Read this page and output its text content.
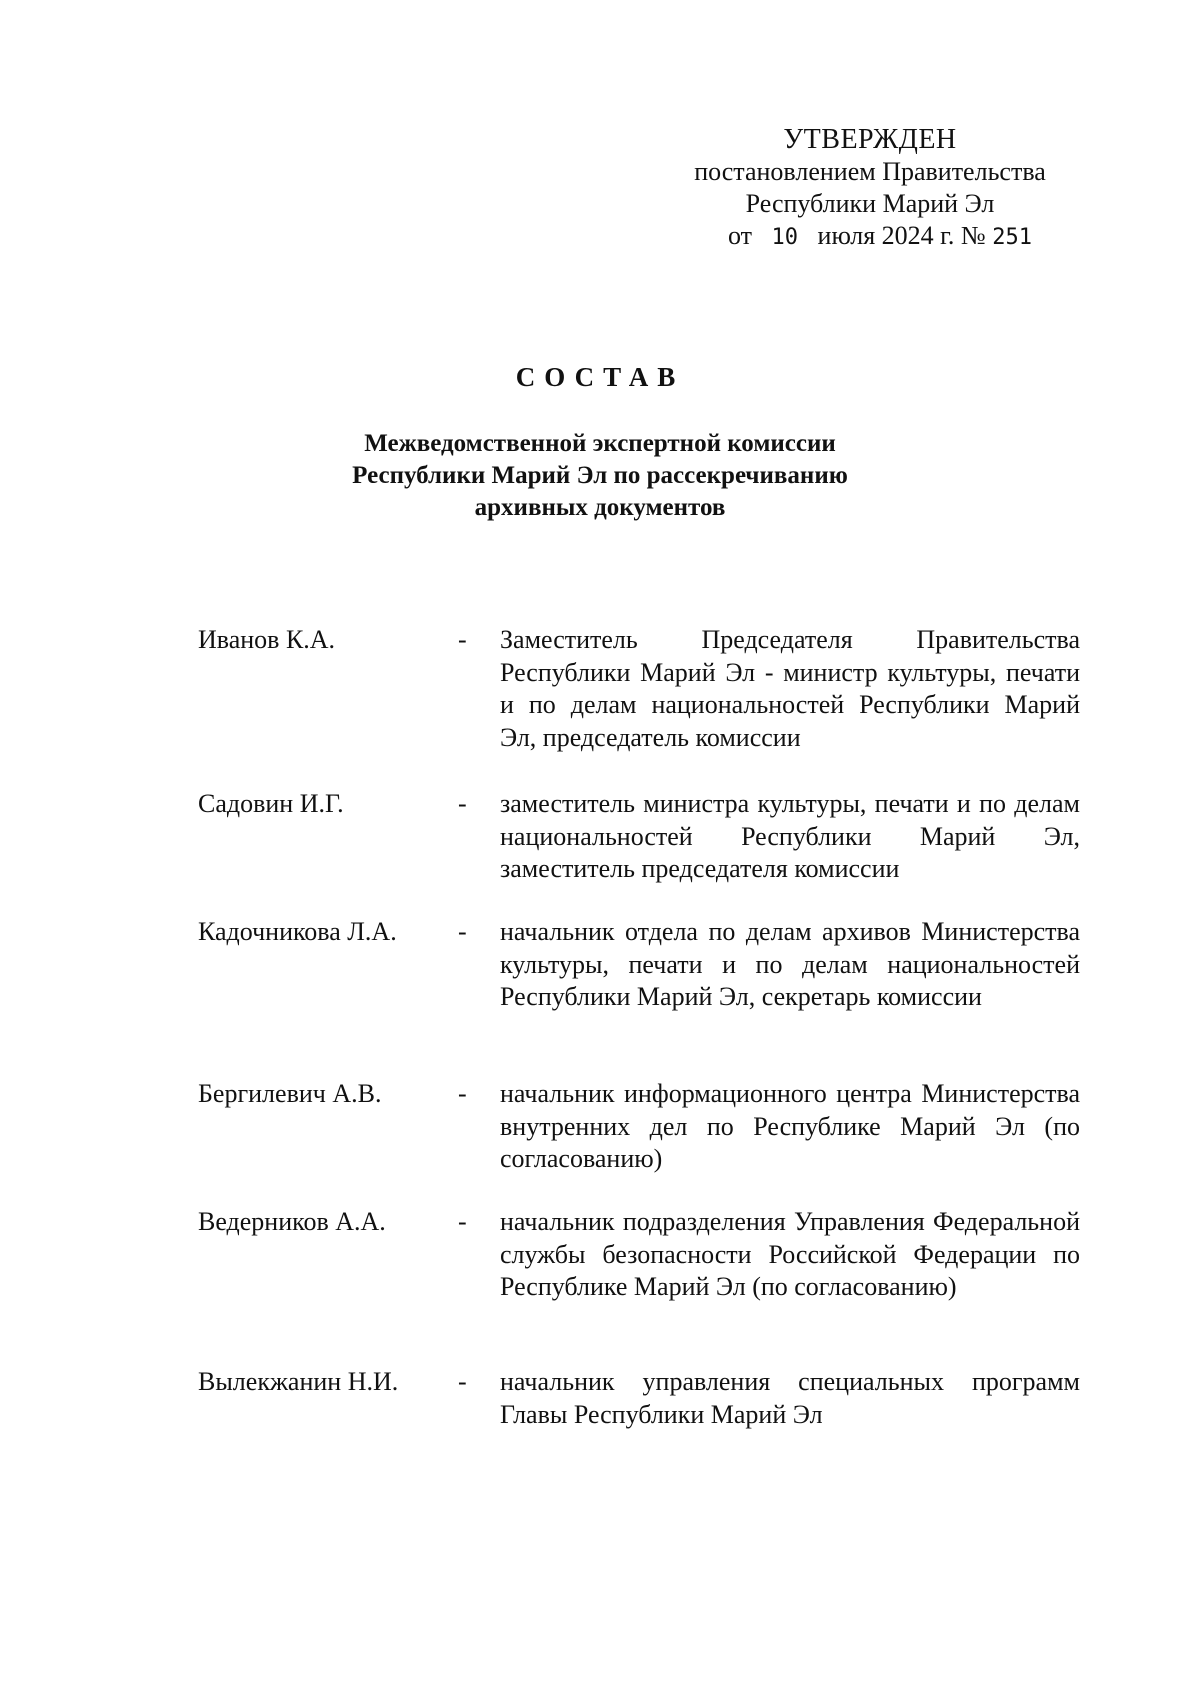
УТВЕРЖДЕН
постановлением Правительства
Республики Марий Эл
от 10 июля 2024 г. № 251
СОСТАВ
Межведомственной экспертной комиссии
Республики Марий Эл по рассекречиванию
архивных документов
Иванов К.А.	- Заместитель Председателя Правительства Республики Марий Эл - министр культуры, печати и по делам национальностей Республики Марий Эл, председатель комиссии
Садовин И.Г.	- заместитель министра культуры, печати и по делам национальностей Республики Марий Эл, заместитель председателя комиссии
Кадочникова Л.А. - начальник отдела по делам архивов Министерства культуры, печати и по делам национальностей Республики Марий Эл, секретарь комиссии
Бергилевич А.В.	- начальник информационного центра Министерства внутренних дел по Республике Марий Эл (по согласованию)
Ведерников А.А.	- начальник подразделения Управления Федеральной службы безопасности Российской Федерации по Республике Марий Эл (по согласованию)
Вылекжанин Н.И. - начальник управления специальных программ Главы Республики Марий Эл
